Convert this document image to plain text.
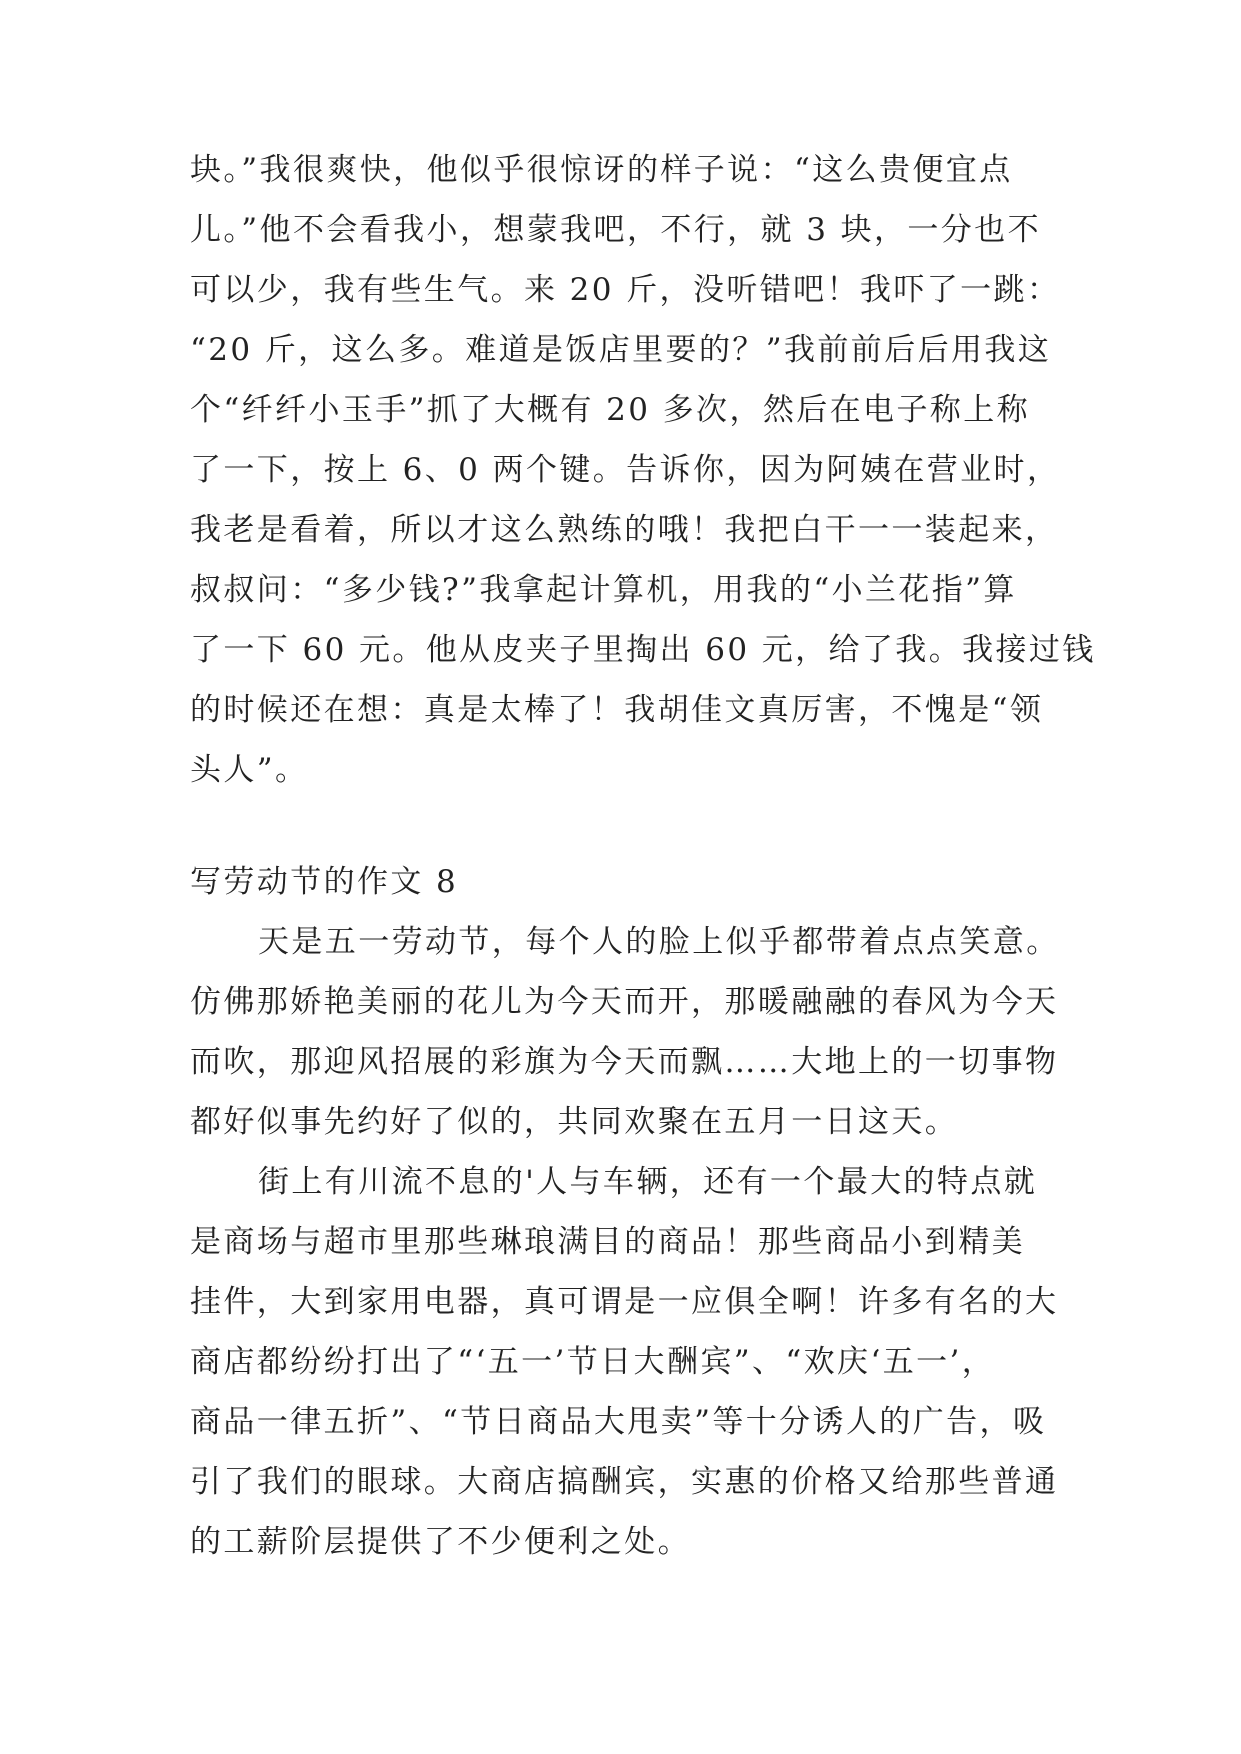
块。”我很爽快，他似乎很惊讶的样子说：“这么贵便宜点
儿。”他不会看我小，想蒙我吧，不行，就 3 块，一分也不
可以少，我有些生气。来 20 斤，没听错吧！我吓了一跳：
“20 斤，这么多。难道是饭店里要的？”我前前后后用我这
个“纤纤小玉手”抓了大概有 20 多次，然后在电子称上称
了一下，按上 6、0 两个键。告诉你，因为阿姨在营业时，
我老是看着，所以才这么熟练的哦！我把白干一一装起来，
叔叔问：“多少钱?”我拿起计算机，用我的“小兰花指”算
了一下 60 元。他从皮夹子里掏出 60 元，给了我。我接过钱
的时候还在想：真是太棒了！我胡佳文真厉害，不愧是“领
头人”。
写劳动节的作文 8
天是五一劳动节，每个人的脸上似乎都带着点点笑意。
仿佛那娇艳美丽的花儿为今天而开，那暖融融的春风为今天
而吹，那迎风招展的彩旗为今天而飘……大地上的一切事物
都好似事先约好了似的，共同欢聚在五月一日这天。
街上有川流不息的'人与车辆，还有一个最大的特点就
是商场与超市里那些琳琅满目的商品！那些商品小到精美
挂件，大到家用电器，真可谓是一应俱全啊！许多有名的大
商店都纷纷打出了“‘五一’节日大酬宾”、“欢庆‘五一’，
商品一律五折”、“节日商品大甩卖”等十分诱人的广告，吸
引了我们的眼球。大商店搞酬宾，实惠的价格又给那些普通
的工薪阶层提供了不少便利之处。
